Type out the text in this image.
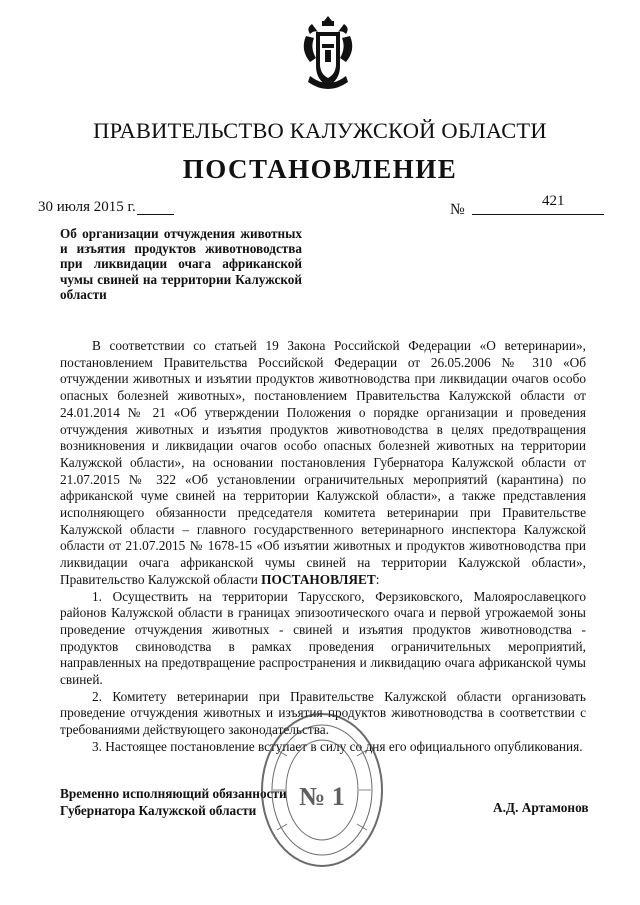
ПРАВИТЕЛЬСТВО КАЛУЖСКОЙ ОБЛАСТИ
ПОСТАНОВЛЕНИЕ
30 июля 2015 г.	№	421
Об организации отчуждения животных и изъятия продуктов животноводства при ликвидации очага африканской чумы свиней на территории Калужской области

В соответствии со статьей 19 Закона Российской Федерации «О ветеринарии», постановлением Правительства Российской Федерации от 26.05.2006 № 310 «Об отчуждении животных и изъятии продуктов животноводства при ликвидации очагов особо опасных болезней животных», постановлением Правительства Калужской области от 24.01.2014 № 21 «Об утверждении Положения о порядке организации и проведения отчуждения животных и изъятия продуктов животноводства в целях предотвращения возникновения и ликвидации очагов особо опасных болезней животных на территории Калужской области», на основании постановления Губернатора Калужской области от 21.07.2015 № 322 «Об установлении ограничительных мероприятий (карантина) по африканской чуме свиней на территории Калужской области», а также представления исполняющего обязанности председателя комитета ветеринарии при Правительстве Калужской области – главного государственного ветеринарного инспектора Калужской области от 21.07.2015 № 1678-15 «Об изъятии животных и продуктов животноводства при ликвидации очага африканской чумы свиней на территории Калужской области», Правительство Калужской области ПОСТАНОВЛЯЕТ:

1. Осуществить на территории Тарусского, Ферзиковского, Малоярославецкого районов Калужской области в границах эпизоотического очага и первой угрожаемой зоны проведение отчуждения животных - свиней и изъятия продуктов животноводства - продуктов свиноводства в рамках проведения ограничительных мероприятий, направленных на предотвращение распространения и ликвидацию очага африканской чумы свиней.

2. Комитету ветеринарии при Правительстве Калужской области организовать проведение отчуждения животных и изъятия продуктов животноводства в соответствии с требованиями действующего законодательства.

3. Настоящее постановление вступает в силу со дня его официального опубликования.

Временно исполняющий обязанности
Губернатора Калужской области	А.Д. Артамонов
№ 1
